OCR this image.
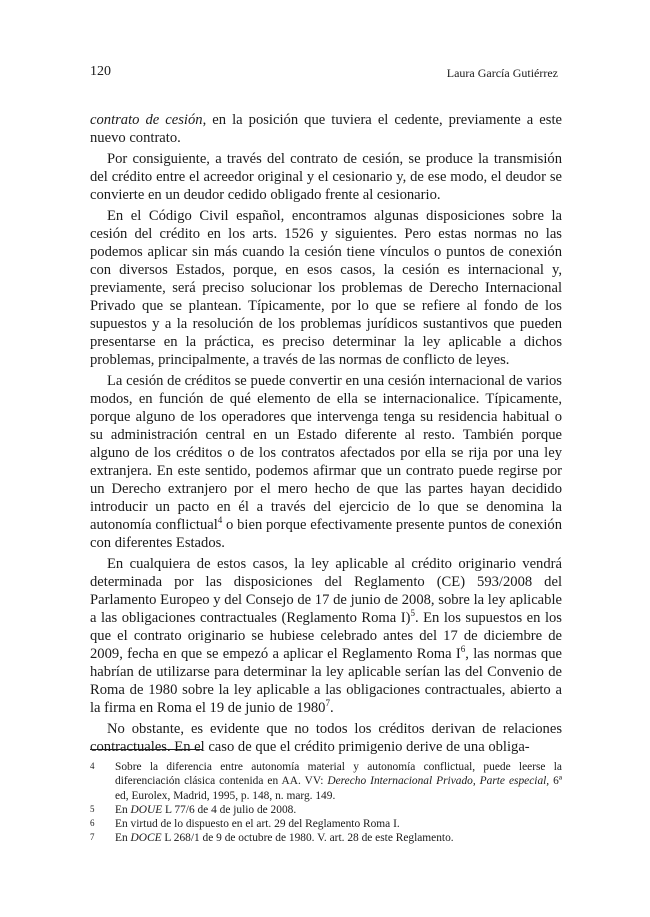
120	Laura García Gutiérrez

contrato de cesión, en la posición que tuviera el cedente, previamente a este nuevo contrato.

Por consiguiente, a través del contrato de cesión, se produce la transmisión del crédito entre el acreedor original y el cesionario y, de ese modo, el deudor se convierte en un deudor cedido obligado frente al cesionario.

En el Código Civil español, encontramos algunas disposiciones sobre la cesión del crédito en los arts. 1526 y siguientes. Pero estas normas no las podemos aplicar sin más cuando la cesión tiene vínculos o puntos de conexión con diversos Estados, porque, en esos casos, la cesión es internacional y, previamente, será preciso solucionar los problemas de Derecho Internacional Privado que se plantean. Típicamente, por lo que se refiere al fondo de los supuestos y a la resolución de los problemas jurídicos sustantivos que pueden presentarse en la práctica, es preciso determinar la ley aplicable a dichos problemas, principalmente, a través de las normas de conflicto de leyes.

La cesión de créditos se puede convertir en una cesión internacional de varios modos, en función de qué elemento de ella se internacionalice. Típicamente, porque alguno de los operadores que intervenga tenga su residencia habitual o su administración central en un Estado diferente al resto. También porque alguno de los créditos o de los contratos afectados por ella se rija por una ley extranjera. En este sentido, podemos afirmar que un contrato puede regirse por un Derecho extranjero por el mero hecho de que las partes hayan decidido introducir un pacto en él a través del ejercicio de lo que se denomina la autonomía conflictual$^4$ o bien porque efectivamente presente puntos de conexión con diferentes Estados.

En cualquiera de estos casos, la ley aplicable al crédito originario vendrá determinada por las disposiciones del Reglamento (CE) 593/2008 del Parlamento Europeo y del Consejo de 17 de junio de 2008, sobre la ley aplicable a las obligaciones contractuales (Reglamento Roma I)$^5$. En los supuestos en los que el contrato originario se hubiese celebrado antes del 17 de diciembre de 2009, fecha en que se empezó a aplicar el Reglamento Roma $I^6$, las normas que habrían de utilizarse para determinar la ley aplicable serían las del Convenio de Roma de 1980 sobre la ley aplicable a las obligaciones contractuales, abierto a la firma en Roma el 19 de junio de 1980$^7$.

No obstante, es evidente que no todos los créditos derivan de relaciones contractuales. En el caso de que el crédito primigenio derive de una obliga-

4 Sobre la diferencia entre autonomía material y autonomía conflictual, puede leerse la diferenciación clásica contenida en AA. VV: Derecho Internacional Privado, Parte especial, 6ª ed, Eurolex, Madrid, 1995, p. 148, n. marg. 149.
5 En DOUE L 77/6 de 4 de julio de 2008.
6 En virtud de lo dispuesto en el art. 29 del Reglamento Roma I.
7 En DOCE L 268/1 de 9 de octubre de 1980. V. art. 28 de este Reglamento.
